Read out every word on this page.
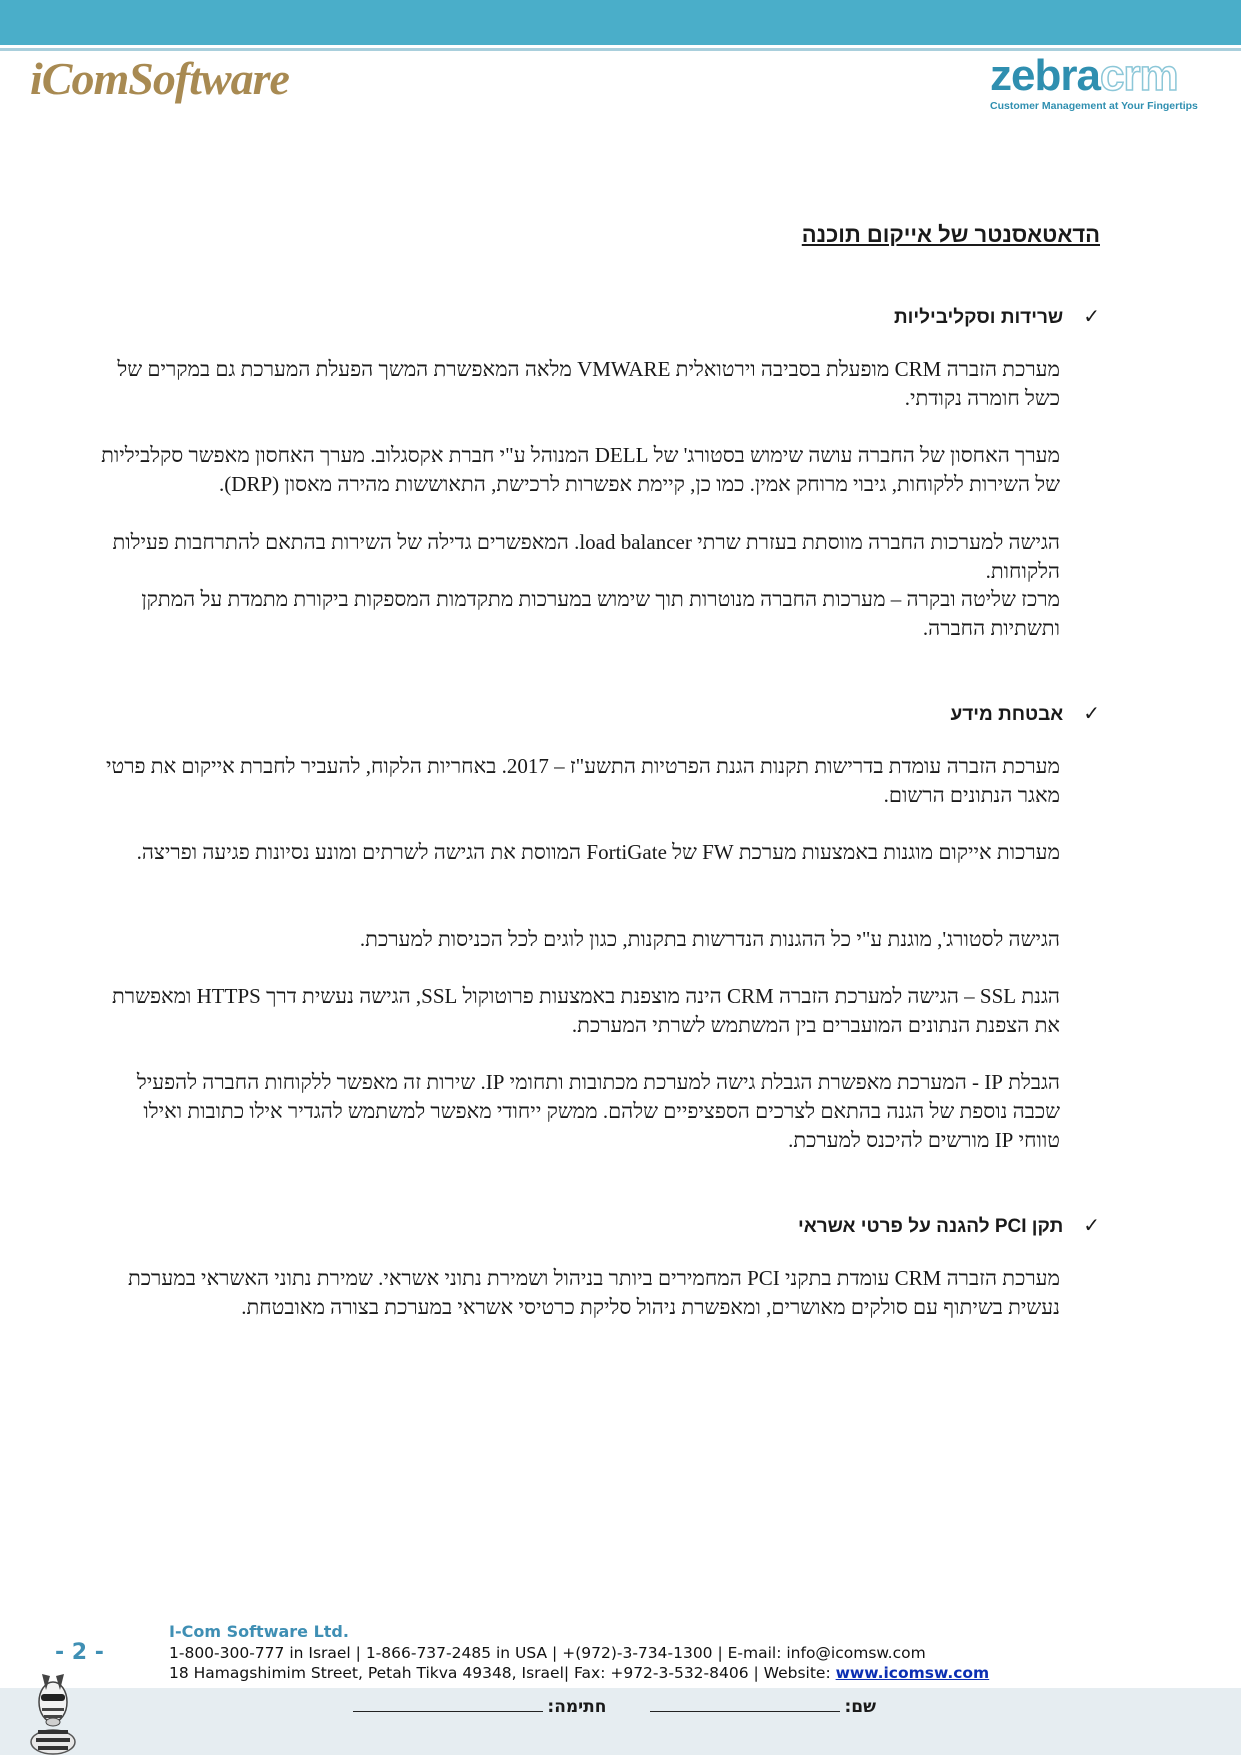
iComSoftware	zebracrm
Customer Management at Your Fingertips
הדאטאסנטר של אייקום תוכנה
✓שרידות וסקליביליות
מערכת הזברה CRM מופעלת בסביבה וירטואלית VMWARE מלאה המאפשרת המשך הפעלת המערכת גם במקרים של כשל חומרה נקודתי.
מערך האחסון של החברה עושה שימוש בסטורג' של DELL המנוהל ע"י חברת אקסגלוב. מערך האחסון מאפשר סקלביליות של השירות ללקוחות, גיבוי מרוחק אמין. כמו כן, קיימת אפשרות לרכישת, התאוששות מהירה מאסון (DRP).
הגישה למערכות החברה מווסתת בעזרת שרתי load balancer. המאפשרים גדילה של השירות בהתאם להתרחבות פעילות הלקוחות.
מרכז שליטה ובקרה – מערכות החברה מנוטרות תוך שימוש במערכות מתקדמות המספקות ביקורת מתמדת על המתקן ותשתיות החברה.
✓אבטחת מידע
מערכת הזברה עומדת בדרישות תקנות הגנת הפרטיות התשע"ז – 2017. באחריות הלקוח, להעביר לחברת אייקום את פרטי מאגר הנתונים הרשום.
מערכות אייקום מוגנות באמצעות מערכת FW של FortiGate המווסת את הגישה לשרתים ומונע נסיונות פגיעה ופריצה.
הגישה לסטורג', מוגנת ע"י כל ההגנות הנדרשות בתקנות, כגון לוגים לכל הכניסות למערכת.
הגנת SSL – הגישה למערכת הזברה CRM הינה מוצפנת באמצעות פרוטוקול SSL, הגישה נעשית דרך HTTPS ומאפשרת את הצפנת הנתונים המועברים בין המשתמש לשרתי המערכת.
הגבלת IP - המערכת מאפשרת הגבלת גישה למערכת מכתובות ותחומי IP. שירות זה מאפשר ללקוחות החברה להפעיל שכבה נוספת של הגנה בהתאם לצרכים הספציפיים שלהם. ממשק ייחודי מאפשר למשתמש להגדיר אילו כתובות ואילו טווחי IP מורשים להיכנס למערכת.
✓תקן PCI להגנה על פרטי אשראי
מערכת הזברה CRM עומדת בתקני PCI המחמירים ביותר בניהול ושמירת נתוני אשראי. שמירת נתוני האשראי במערכת נעשית בשיתוף עם סולקים מאושרים, ומאפשרת ניהול סליקת כרטיסי אשראי במערכת בצורה מאובטחת.
- 2 -
I-Com Software Ltd.
1-800-300-777 in Israel | 1-866-737-2485 in USA | +(972)-3-734-1300 | E-mail: info@icomsw.com
18 Hamagshimim Street, Petah Tikva 49348, Israel| Fax: +972-3-532-8406 | Website: www.icomsw.com
שם:חתימה:
